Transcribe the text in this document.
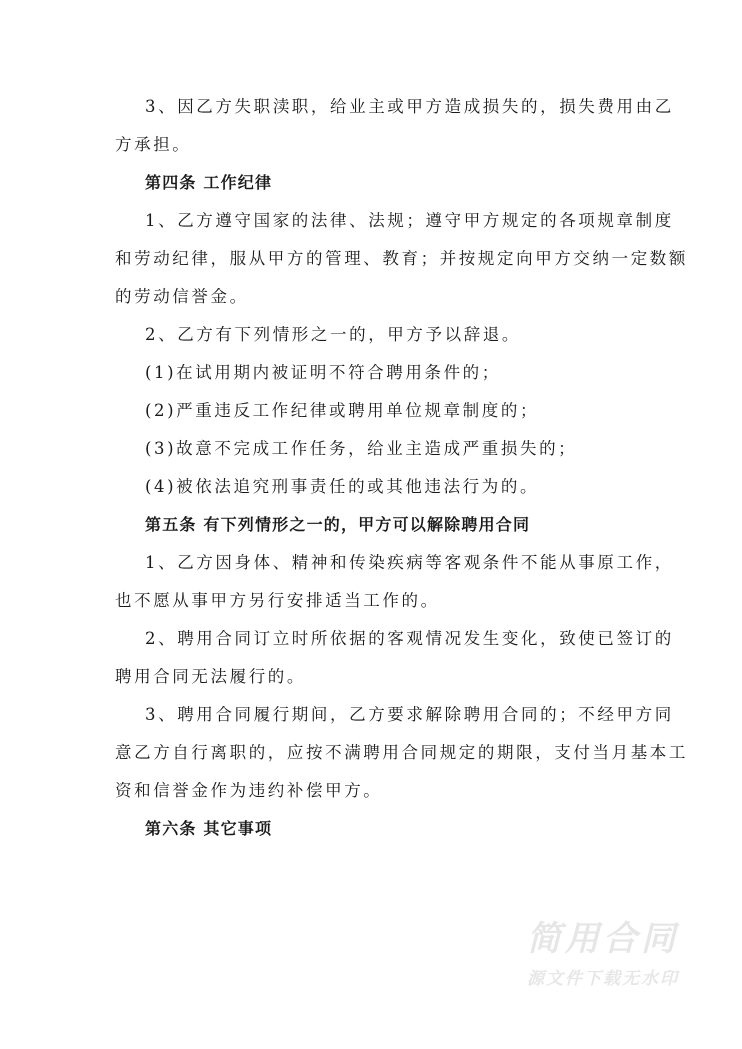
3、因乙方失职渎职，给业主或甲方造成损失的，损失费用由乙
方承担。
第四条 工作纪律
1、乙方遵守国家的法律、法规；遵守甲方规定的各项规章制度
和劳动纪律，服从甲方的管理、教育；并按规定向甲方交纳一定数额
的劳动信誉金。
2、乙方有下列情形之一的，甲方予以辞退。
(1)在试用期内被证明不符合聘用条件的；
(2)严重违反工作纪律或聘用单位规章制度的；
(3)故意不完成工作任务，给业主造成严重损失的；
(4)被依法追究刑事责任的或其他违法行为的。
第五条 有下列情形之一的，甲方可以解除聘用合同
1、乙方因身体、精神和传染疾病等客观条件不能从事原工作，
也不愿从事甲方另行安排适当工作的。
2、聘用合同订立时所依据的客观情况发生变化，致使已签订的
聘用合同无法履行的。
3、聘用合同履行期间，乙方要求解除聘用合同的；不经甲方同
意乙方自行离职的，应按不满聘用合同规定的期限，支付当月基本工
资和信誉金作为违约补偿甲方。
第六条 其它事项
简用合同
源文件下载无水印
